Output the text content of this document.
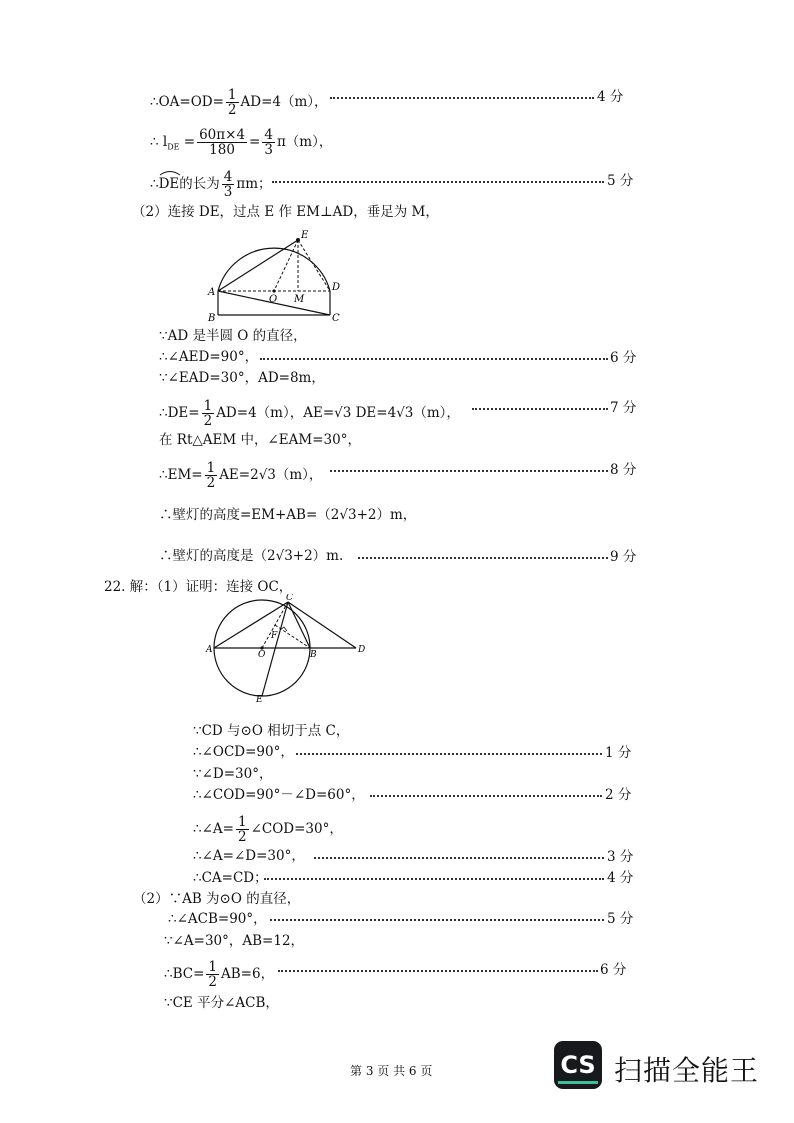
∴OA=OD= $\frac{1}{2} AD=4(m)$，	4 分
∴ $l_{DE} = \frac{60\pi\times 4}{180} = \frac{4}{3} \pi(m)$，
∴
DE的长为 $\frac{4}{3}$ πm；	5 分
（2）连接 DE，过点 E 作 EM⊥AD，垂足为 M，
A
B	C
D
E
O M
∵AD 是半圆 O 的直径，
∴∠AED=90°，	6 分
∵∠EAD=30°，AD=8m，
∴DE= $\frac{1}{2} AD=4(m)$，AE=√3 DE=4√3（m），	7 分
在 Rt△AEM 中，∠EAM=30°，
∴EM= $\frac{1}{2} AE=2√3(m)$，	8 分
∴壁灯的高度=EM+AB=（2√3+2）m，
∴壁灯的高度是（2√3+2）m.	9 分
22. 解：（1）证明：连接 OC，
A	B
C
D
E
O
F
∵CD 与⊙O 相切于点 C，
∴∠OCD=90°，	1 分
∵∠D=30°，
∴∠COD=90°－∠D=60°，	2 分
∴∠A= $\frac{1}{2}$ ∠COD=30°，
∴∠A=∠D=30°，	3 分
∴CA=CD；	4 分
（2）∵AB 为⊙O 的直径，
∴∠ACB=90°，	5 分
∵∠A=30°，AB=12，
∴BC= $\frac{1}{2} AB=6$，	6 分
∵CE 平分∠ACB，
第 3 页 共 6 页	CS 扫描全能王
